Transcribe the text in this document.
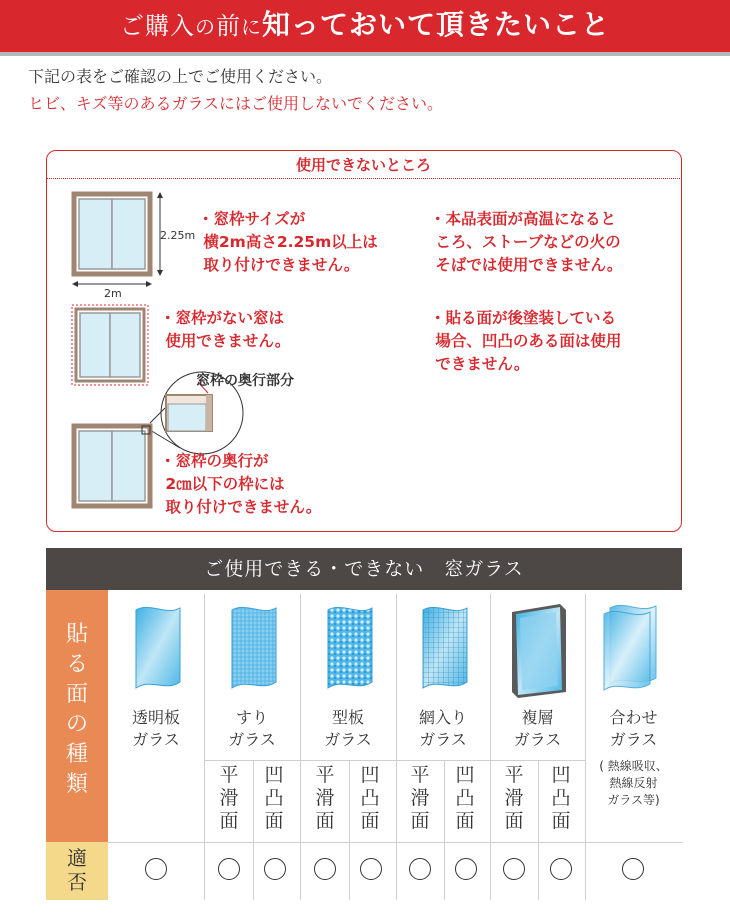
ご購入の前に知っておいて頂きたいこと
下記の表をご確認の上でご使用ください。
ヒビ、キズ等のあるガラスにはご使用しないでください。
使用できないところ
2.25m
2m
窓枠の奥行部分
・窓枠サイズが
横2m高さ2.25m以上は
取り付けできません。
・窓枠がない窓は
使用できません。
・窓枠の奥行が
2㎝以下の枠には
取り付けできません。
・本品表面が高温になると
ころ、ストーブなどの火の
そばでは使用できません。
・貼る面が後塗装している
場合、凹凸のある面は使用
できません。
ご使用できる・できない　窓ガラス
貼
る
面
の
種
類
適
否
透明板
ガラス
すり
ガラス
型板
ガラス
網入り
ガラス
複層
ガラス
合わせ
ガラス
( 熱線吸収、
熱線反射
ガラス等)
平滑面
凹凸面
平滑面
凹凸面
平滑面
凹凸面
平滑面
凹凸面
